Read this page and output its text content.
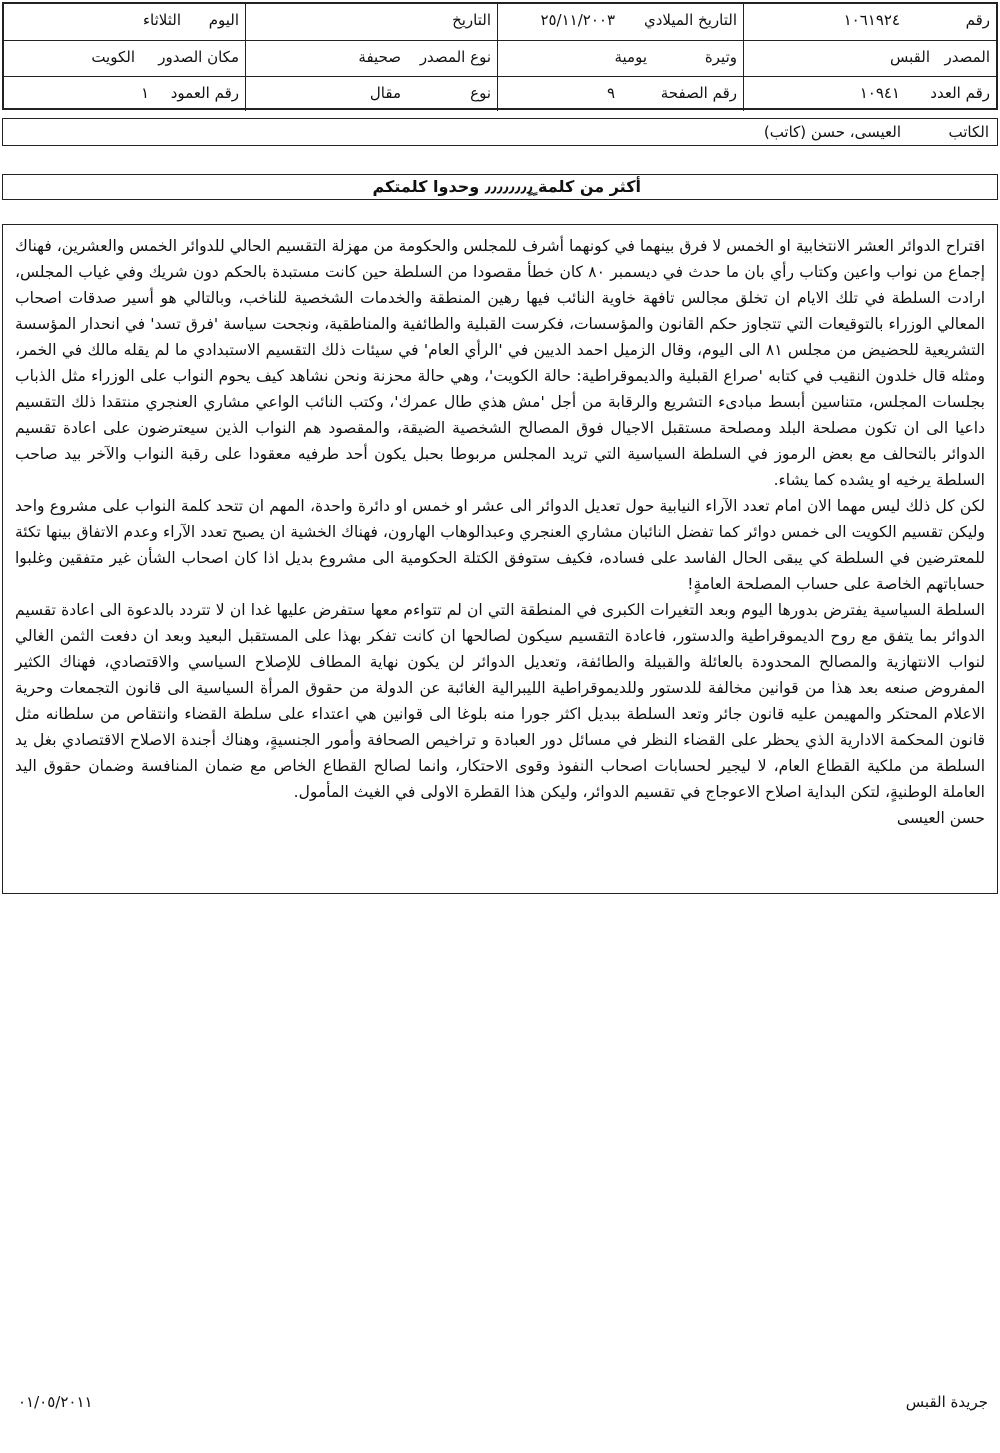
رقم
١٠٦١٩٢٤
التاريخ الميلادي
٢٥/١١/٢٠٠٣
التاريخ
اليوم
الثلاثاء
المصدر
القبس
وتيرة
يومية
نوع المصدر
صحيفة
مكان الصدور
الكويت
رقم العدد
١٠٩٤١
رقم الصفحة
٩
نوع
مقال
رقم العمود
١
الكاتب
العيسى، حسن (كاتب)
أكثر من كلمة ٍ٫٫٫٫٫٫٫٫ٍ وحدوا كلمتكم

اقتراح الدوائر العشر الانتخابية او الخمس لا فرق بينهما في كونهما أشرف للمجلس والحكومة من مهزلة التقسيم الحالي للدوائر الخمس والعشرين، فهناك إجماع من نواب واعين وكتاب رأي بان ما حدث في ديسمبر ٨٠ كان خطأ مقصودا من السلطة حين كانت مستبدة بالحكم دون شريك وفي غياب المجلس، ارادت السلطة في تلك الايام ان تخلق مجالس تافهة خاوية النائب فيها رهين المنطقة والخدمات الشخصية للناخب، وبالتالي هو أسير صدقات اصحاب المعالي الوزراء بالتوقيعات التي تتجاوز حكم القانون والمؤسسات، فكرست القبلية والطائفية والمناطقية، ونجحت سياسة 'فرق تسد' في انحدار المؤسسة التشريعية للحضيض من مجلس ٨١ الى اليوم، وقال الزميل احمد الديين في 'الرأي العام' في سيئات ذلك التقسيم الاستبدادي ما لم يقله مالك في الخمر، ومثله قال خلدون النقيب في كتابه 'صراع القبلية والديموقراطية: حالة الكويت'، وهي حالة محزنة ونحن نشاهد كيف يحوم النواب على الوزراء مثل الذباب بجلسات المجلس، متناسين أبسط مبادىء التشريع والرقابة من أجل 'مش هذي طال عمرك'، وكتب النائب الواعي مشاري العنجري منتقدا ذلك التقسيم داعيا الى ان تكون مصلحة البلد ومصلحة مستقبل الاجيال فوق المصالح الشخصية الضيقة، والمقصود هم النواب الذين سيعترضون على اعادة تقسيم الدوائر بالتحالف مع بعض الرموز في السلطة السياسية التي تريد المجلس مربوطا بحبل يكون أحد طرفيه معقودا على رقبة النواب والآخر بيد صاحب السلطة يرخيه او يشده كما يشاء.

لكن كل ذلك ليس مهما الان امام تعدد الآراء النيابية حول تعديل الدوائر الى عشر او خمس او دائرة واحدة، المهم ان تتحد كلمة النواب على مشروع واحد وليكن تقسيم الكويت الى خمس دوائر كما تفضل النائبان مشاري العنجري وعبدالوهاب الهارون، فهناك الخشية ان يصبح تعدد الآراء وعدم الاتفاق بينها تكئة للمعترضين في السلطة كي يبقى الحال الفاسد على فساده، فكيف ستوفق الكتلة الحكومية الى مشروع بديل اذا كان اصحاب الشأن غير متفقين وغلبوا حساباتهم الخاصة على حساب المصلحة العامةٍ!

السلطة السياسية يفترض بدورها اليوم وبعد التغيرات الكبرى في المنطقة التي ان لم تتواءم معها ستفرض عليها غدا ان لا تتردد بالدعوة الى اعادة تقسيم الدوائر بما يتفق مع روح الديموقراطية والدستور، فاعادة التقسيم سيكون لصالحها ان كانت تفكر بهذا على المستقبل البعيد وبعد ان دفعت الثمن الغالي لنواب الانتهازية والمصالح المحدودة بالعائلة والقبيلة والطائفة، وتعديل الدوائر لن يكون نهاية المطاف للإصلاح السياسي والاقتصادي، فهناك الكثير المفروض صنعه بعد هذا من قوانين مخالفة للدستور وللديموقراطية الليبرالية الغائبة عن الدولة من حقوق المرأة السياسية الى قانون التجمعات وحرية الاعلام المحتكر والمهيمن عليه قانون جائر وتعد السلطة ببديل اكثر جورا منه بلوغا الى قوانين هي اعتداء على سلطة القضاء وانتقاص من سلطانه مثل قانون المحكمة الادارية الذي يحظر على القضاء النظر في مسائل دور العبادة و تراخيص الصحافة وأمور الجنسيةٍ، وهناك أجندة الاصلاح الاقتصادي بغل يد السلطة من ملكية القطاع العام، لا ليجير لحسابات اصحاب النفوذ وقوى الاحتكار، وانما لصالح القطاع الخاص مع ضمان المنافسة وضمان حقوق اليد العاملة الوطنيةٍ، لتكن البداية اصلاح الاعوجاج في تقسيم الدوائر، وليكن هذا القطرة الاولى في الغيث المأمول.

حسن العيسى
جريدة القبس
٠١/٠٥/٢٠١١
